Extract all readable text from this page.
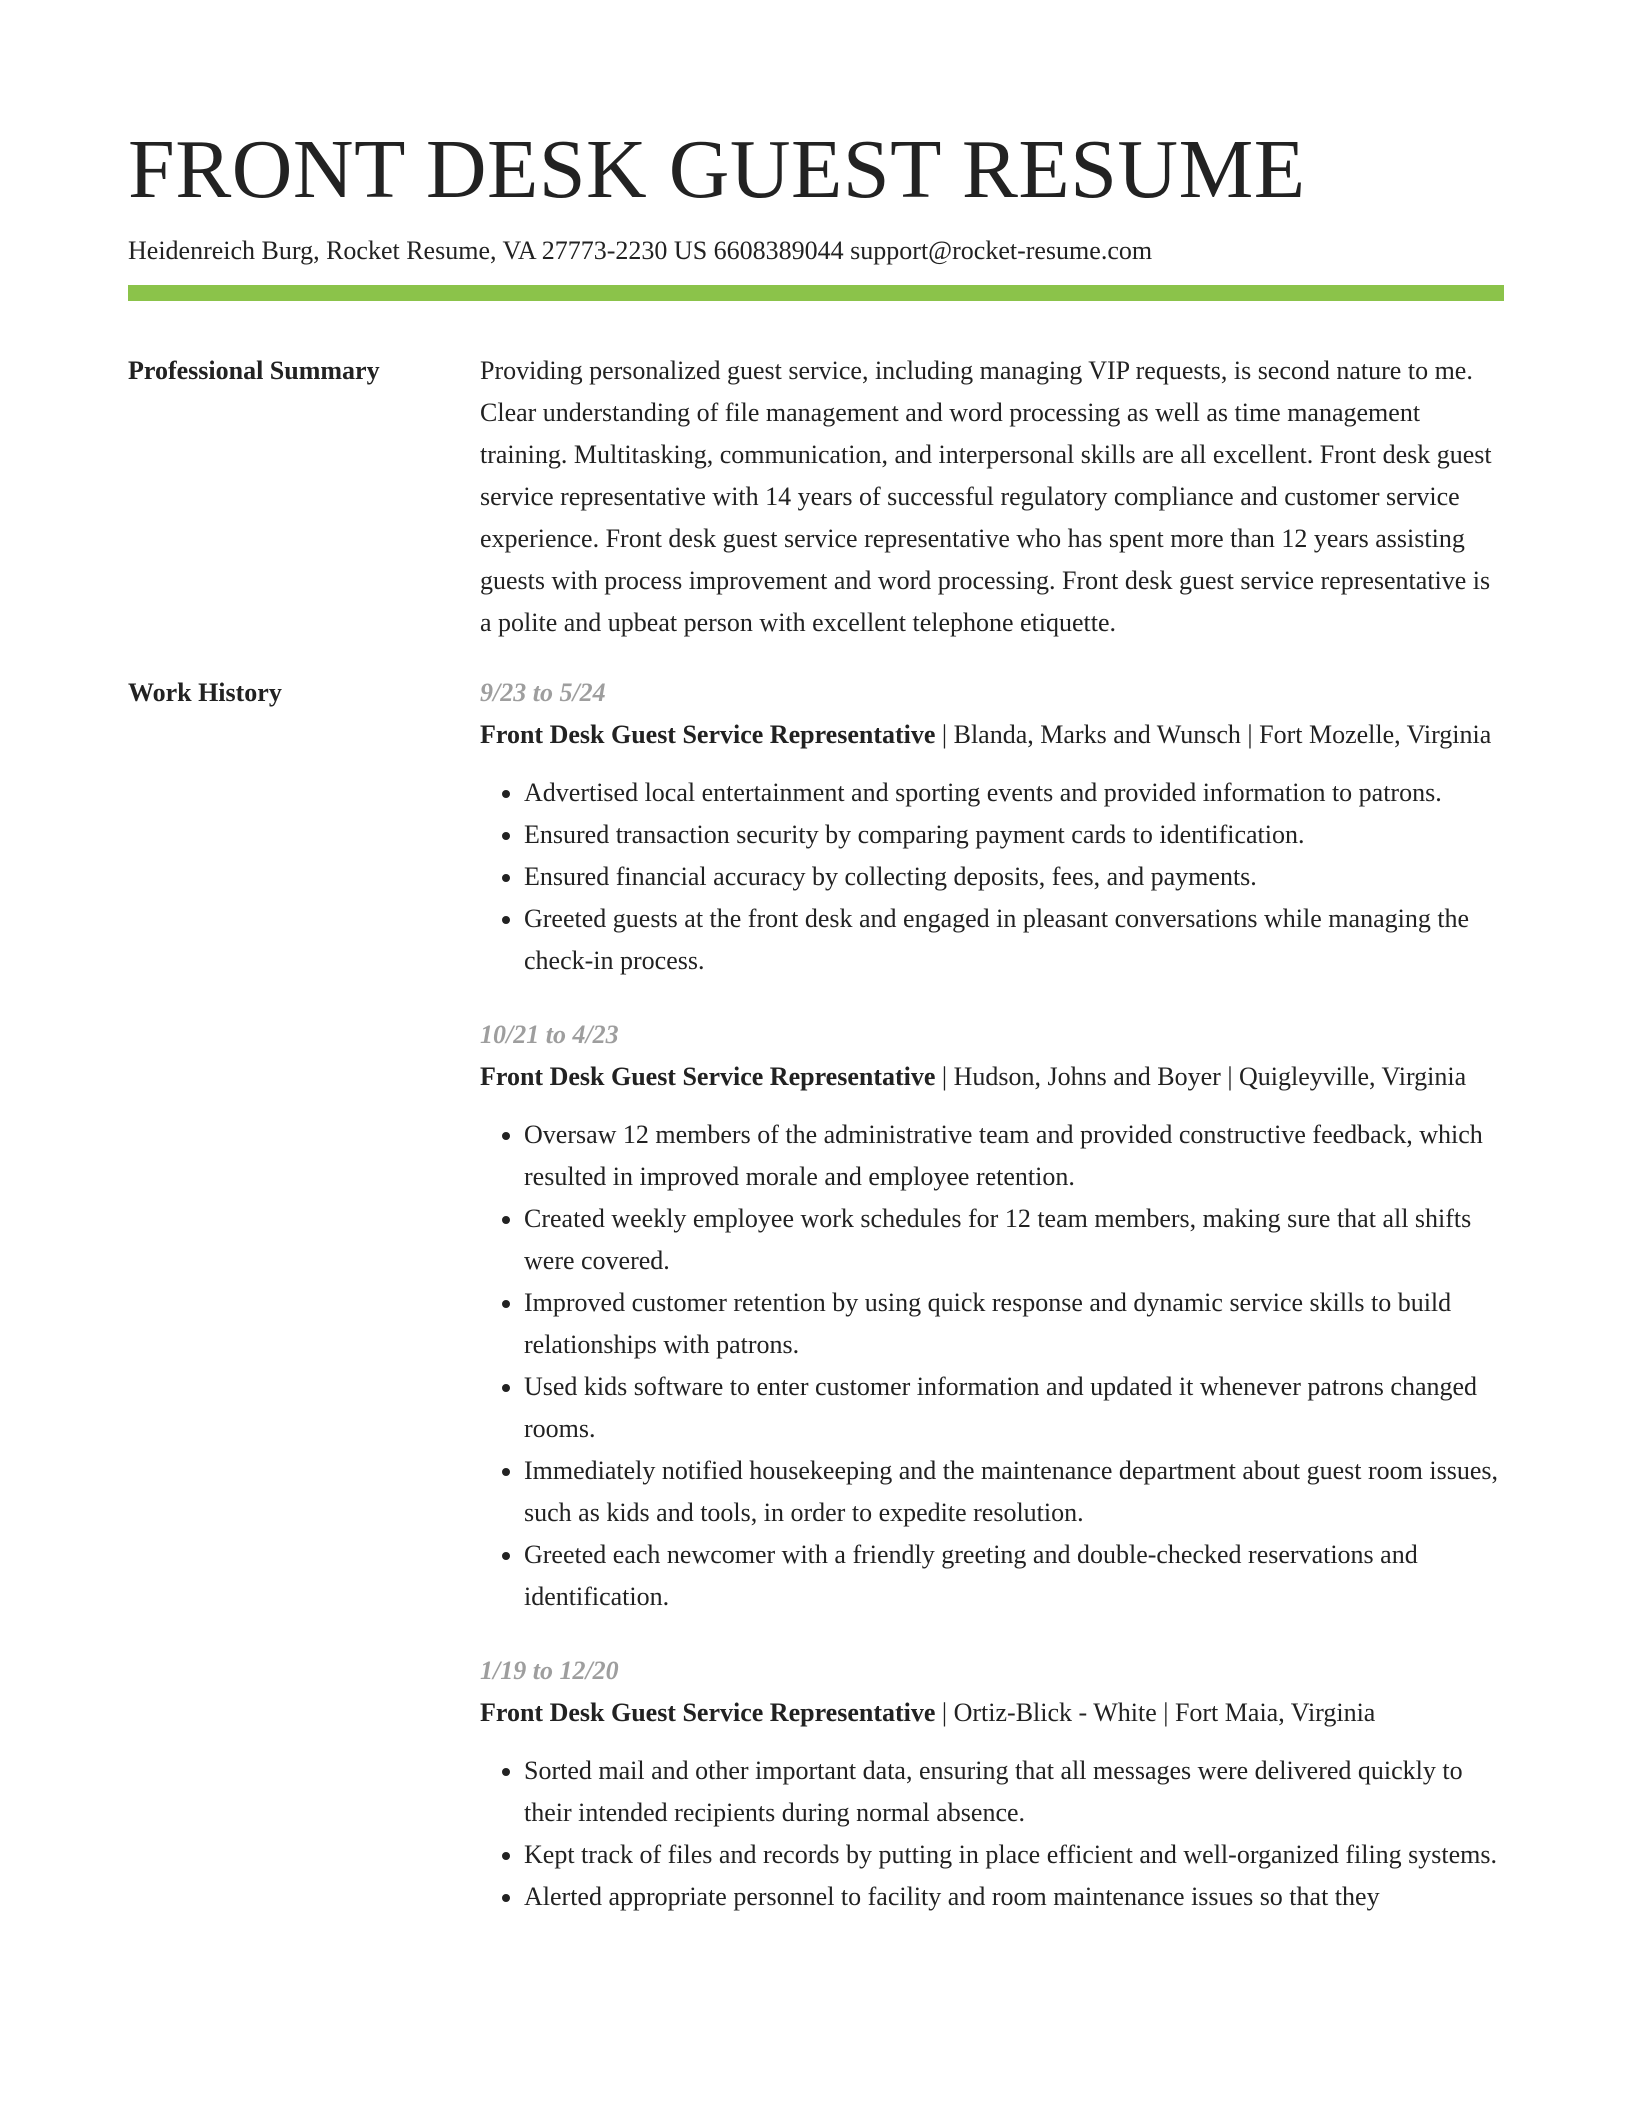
FRONT DESK GUEST RESUME
Heidenreich Burg, Rocket Resume, VA 27773-2230 US 6608389044 support@rocket-resume.com
Professional Summary	Providing personalized guest service, including managing VIP requests, is second nature to me. Clear understanding of file management and word processing as well as time management training. Multitasking, communication, and interpersonal skills are all excellent. Front desk guest service representative with 14 years of successful regulatory compliance and customer service experience. Front desk guest service representative who has spent more than 12 years assisting guests with process improvement and word processing. Front desk guest service representative is a polite and upbeat person with excellent telephone etiquette.

Work History	9/23 to 5/24
Front Desk Guest Service Representative | Blanda, Marks and Wunsch | Fort Mozelle, Virginia
• Advertised local entertainment and sporting events and provided information to patrons.
• Ensured transaction security by comparing payment cards to identification.
• Ensured financial accuracy by collecting deposits, fees, and payments.
• Greeted guests at the front desk and engaged in pleasant conversations while managing the check-in process.
10/21 to 4/23
Front Desk Guest Service Representative | Hudson, Johns and Boyer | Quigleyville, Virginia
• Oversaw 12 members of the administrative team and provided constructive feedback, which resulted in improved morale and employee retention.
• Created weekly employee work schedules for 12 team members, making sure that all shifts were covered.
• Improved customer retention by using quick response and dynamic service skills to build relationships with patrons.
• Used kids software to enter customer information and updated it whenever patrons changed rooms.
• Immediately notified housekeeping and the maintenance department about guest room issues, such as kids and tools, in order to expedite resolution.
• Greeted each newcomer with a friendly greeting and double-checked reservations and identification.
1/19 to 12/20
Front Desk Guest Service Representative | Ortiz-Blick - White | Fort Maia, Virginia
• Sorted mail and other important data, ensuring that all messages were delivered quickly to their intended recipients during normal absence.
• Kept track of files and records by putting in place efficient and well-organized filing systems.
• Alerted appropriate personnel to facility and room maintenance issues so that they
